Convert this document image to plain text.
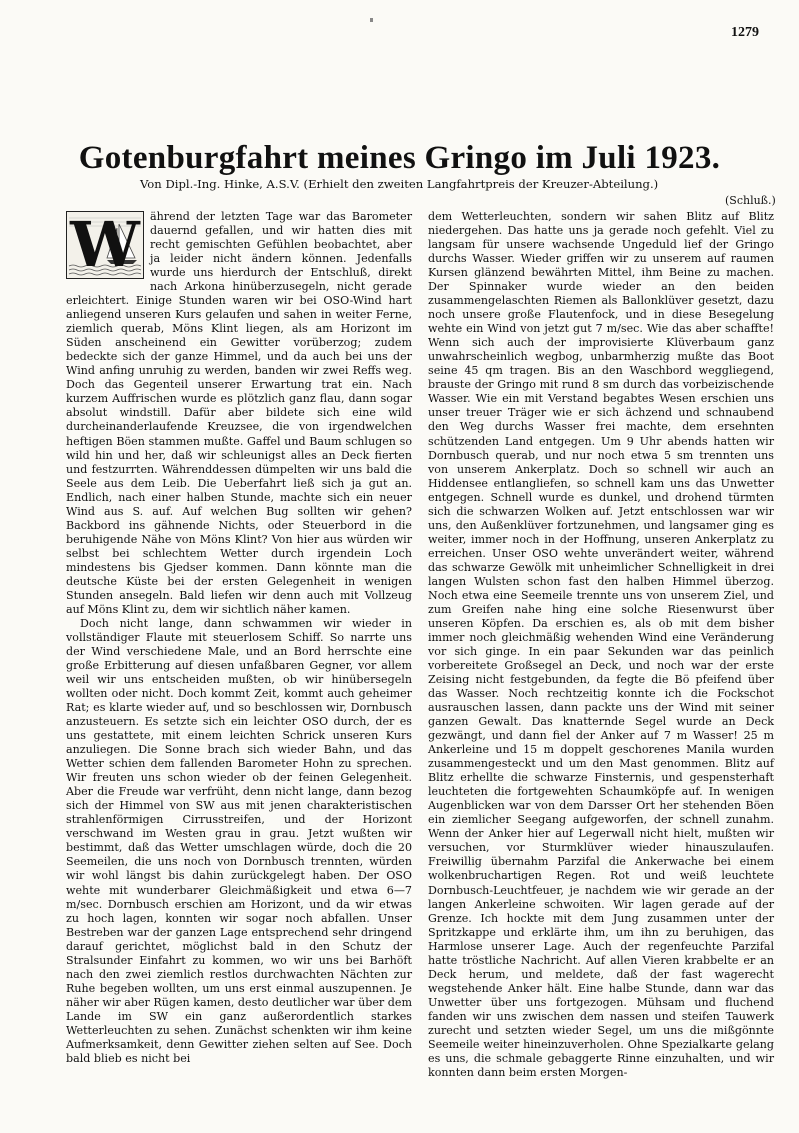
1279
Gotenburgfahrt meines Gringo im Juli 1923.
Von Dipl.-Ing. Hinke, A.S.V. (Erhielt den zweiten Langfahrtpreis der Kreuzer-Abteilung.)
(Schluß.)
W ährend der letzten Tage war das Barometer dauernd gefallen, und wir hatten dies mit recht gemischten Gefühlen beobachtet, aber ja leider nicht ändern können. Jedenfalls wurde uns hierdurch der Entschluß, direkt nach Arkona hinüberzusegeln, nicht gerade erleichtert. Einige Stunden waren wir bei OSO-Wind hart anliegend unseren Kurs gelaufen und sahen in weiter Ferne, ziemlich querab, Möns Klint liegen, als am Horizont im Süden anscheinend ein Gewitter vorüberzog; zudem bedeckte sich der ganze Himmel, und da auch bei uns der Wind anfing unruhig zu werden, banden wir zwei Reffs weg. Doch das Gegenteil unserer Erwartung trat ein. Nach kurzem Auffrischen wurde es plötzlich ganz flau, dann sogar absolut windstill. Dafür aber bildete sich eine wild durcheinanderlaufende Kreuzsee, die von irgendwelchen heftigen Böen stammen mußte. Gaffel und Baum schlugen so wild hin und her, daß wir schleunigst alles an Deck fierten und festzurrten. Währenddessen dümpelten wir uns bald die Seele aus dem Leib. Die Ueberfahrt ließ sich ja gut an. Endlich, nach einer halben Stunde, machte sich ein neuer Wind aus S. auf. Auf welchen Bug sollten wir gehen? Backbord ins gähnende Nichts, oder Steuerbord in die beruhigende Nähe von Möns Klint? Von hier aus würden wir selbst bei schlechtem Wetter durch irgendein Loch mindestens bis Gjedser kommen. Dann könnte man die deutsche Küste bei der ersten Gelegenheit in wenigen Stunden ansegeln. Bald liefen wir denn auch mit Vollzeug auf Möns Klint zu, dem wir sichtlich näher kamen.

Doch nicht lange, dann schwammen wir wieder in vollständiger Flaute mit steuerlosem Schiff. So narrte uns der Wind verschiedene Male, und an Bord herrschte eine große Erbitterung auf diesen unfaßbaren Gegner, vor allem weil wir uns entscheiden mußten, ob wir hinübersegeln wollten oder nicht. Doch kommt Zeit, kommt auch geheimer Rat; es klarte wieder auf, und so beschlossen wir, Dornbusch anzusteuern. Es setzte sich ein leichter OSO durch, der es uns gestattete, mit einem leichten Schrick unseren Kurs anzuliegen. Die Sonne brach sich wieder Bahn, und das Wetter schien dem fallenden Barometer Hohn zu sprechen. Wir freuten uns schon wieder ob der feinen Gelegenheit. Aber die Freude war verfrüht, denn nicht lange, dann bezog sich der Himmel von SW aus mit jenen charakteristischen strahlenförmigen Cirrusstreifen, und der Horizont verschwand im Westen grau in grau. Jetzt wußten wir bestimmt, daß das Wetter umschlagen würde, doch die 20 Seemeilen, die uns noch von Dornbusch trennten, würden wir wohl längst bis dahin zurückgelegt haben. Der OSO wehte mit wunderbarer Gleichmäßigkeit und etwa 6—7 m/sec. Dornbusch erschien am Horizont, und da wir etwas zu hoch lagen, konnten wir sogar noch abfallen. Unser Bestreben war der ganzen Lage entsprechend sehr dringend darauf gerichtet, möglichst bald in den Schutz der Stralsunder Einfahrt zu kommen, wo wir uns bei Barhöft nach den zwei ziemlich restlos durchwachten Nächten zur Ruhe begeben wollten, um uns erst einmal auszupennen. Je näher wir aber Rügen kamen, desto deutlicher war über dem Lande im SW ein ganz außerordentlich starkes Wetterleuchten zu sehen. Zunächst schenkten wir ihm keine Aufmerksamkeit, denn Gewitter ziehen selten auf See. Doch bald blieb es nicht bei

dem Wetterleuchten, sondern wir sahen Blitz auf Blitz niedergehen. Das hatte uns ja gerade noch gefehlt. Viel zu langsam für unsere wachsende Ungeduld lief der Gringo durchs Wasser. Wieder griffen wir zu unserem auf raumen Kursen glänzend bewährten Mittel, ihm Beine zu machen. Der Spinnaker wurde wieder an den beiden zusammengelaschten Riemen als Ballonklüver gesetzt, dazu noch unsere große Flautenfock, und in diese Besegelung wehte ein Wind von jetzt gut 7 m/sec. Wie das aber schaffte! Wenn sich auch der improvisierte Klüverbaum ganz unwahrscheinlich wegbog, unbarmherzig mußte das Boot seine 45 qm tragen. Bis an den Waschbord weggliegend, brauste der Gringo mit rund 8 sm durch das vorbeizischende Wasser. Wie ein mit Verstand begabtes Wesen erschien uns unser treuer Träger wie er sich ächzend und schnaubend den Weg durchs Wasser frei machte, dem ersehnten schützenden Land entgegen. Um 9 Uhr abends hatten wir Dornbusch querab, und nur noch etwa 5 sm trennten uns von unserem Ankerplatz. Doch so schnell wir auch an Hiddensee entlangliefen, so schnell kam uns das Unwetter entgegen. Schnell wurde es dunkel, und drohend türmten sich die schwarzen Wolken auf. Jetzt entschlossen war wir uns, den Außenklüver fortzunehmen, und langsamer ging es weiter, immer noch in der Hoffnung, unseren Ankerplatz zu erreichen. Unser OSO wehte unverändert weiter, während das schwarze Gewölk mit unheimlicher Schnelligkeit in drei langen Wulsten schon fast den halben Himmel überzog. Noch etwa eine Seemeile trennte uns von unserem Ziel, und zum Greifen nahe hing eine solche Riesenwurst über unseren Köpfen. Da erschien es, als ob mit dem bisher immer noch gleichmäßig wehenden Wind eine Veränderung vor sich ginge. In ein paar Sekunden war das peinlich vorbereitete Großsegel an Deck, und noch war der erste Zeising nicht festgebunden, da fegte die Bö pfeifend über das Wasser. Noch rechtzeitig konnte ich die Fockschot ausrauschen lassen, dann packte uns der Wind mit seiner ganzen Gewalt. Das knatternde Segel wurde an Deck gezwängt, und dann fiel der Anker auf 7 m Wasser! 25 m Ankerleine und 15 m doppelt geschorenes Manila wurden zusammengesteckt und um den Mast genommen. Blitz auf Blitz erhellte die schwarze Finsternis, und gespensterhaft leuchteten die fortgewehten Schaumköpfe auf. In wenigen Augenblicken war von dem Darsser Ort her stehenden Böen ein ziemlicher Seegang aufgeworfen, der schnell zunahm. Wenn der Anker hier auf Legerwall nicht hielt, mußten wir versuchen, vor Sturmklüver wieder hinauszulaufen. Freiwillig übernahm Parzifal die Ankerwache bei einem wolkenbruchartigen Regen. Rot und weiß leuchtete Dornbusch-Leuchtfeuer, je nachdem wie wir gerade an der langen Ankerleine schwoiten. Wir lagen gerade auf der Grenze. Ich hockte mit dem Jung zusammen unter der Spritzkappe und erklärte ihm, um ihn zu beruhigen, das Harmlose unserer Lage. Auch der regenfeuchte Parzifal hatte tröstliche Nachricht. Auf allen Vieren krabbelte er an Deck herum, und meldete, daß der fast wagerecht wegstehende Anker hält. Eine halbe Stunde, dann war das Unwetter über uns fortgezogen. Mühsam und fluchend fanden wir uns zwischen dem nassen und steifen Tauwerk zurecht und setzten wieder Segel, um uns die mißgönnte Seemeile weiter hineinzuverholen. Ohne Spezialkarte gelang es uns, die schmale gebaggerte Rinne einzuhalten, und wir konnten dann beim ersten Morgen-
